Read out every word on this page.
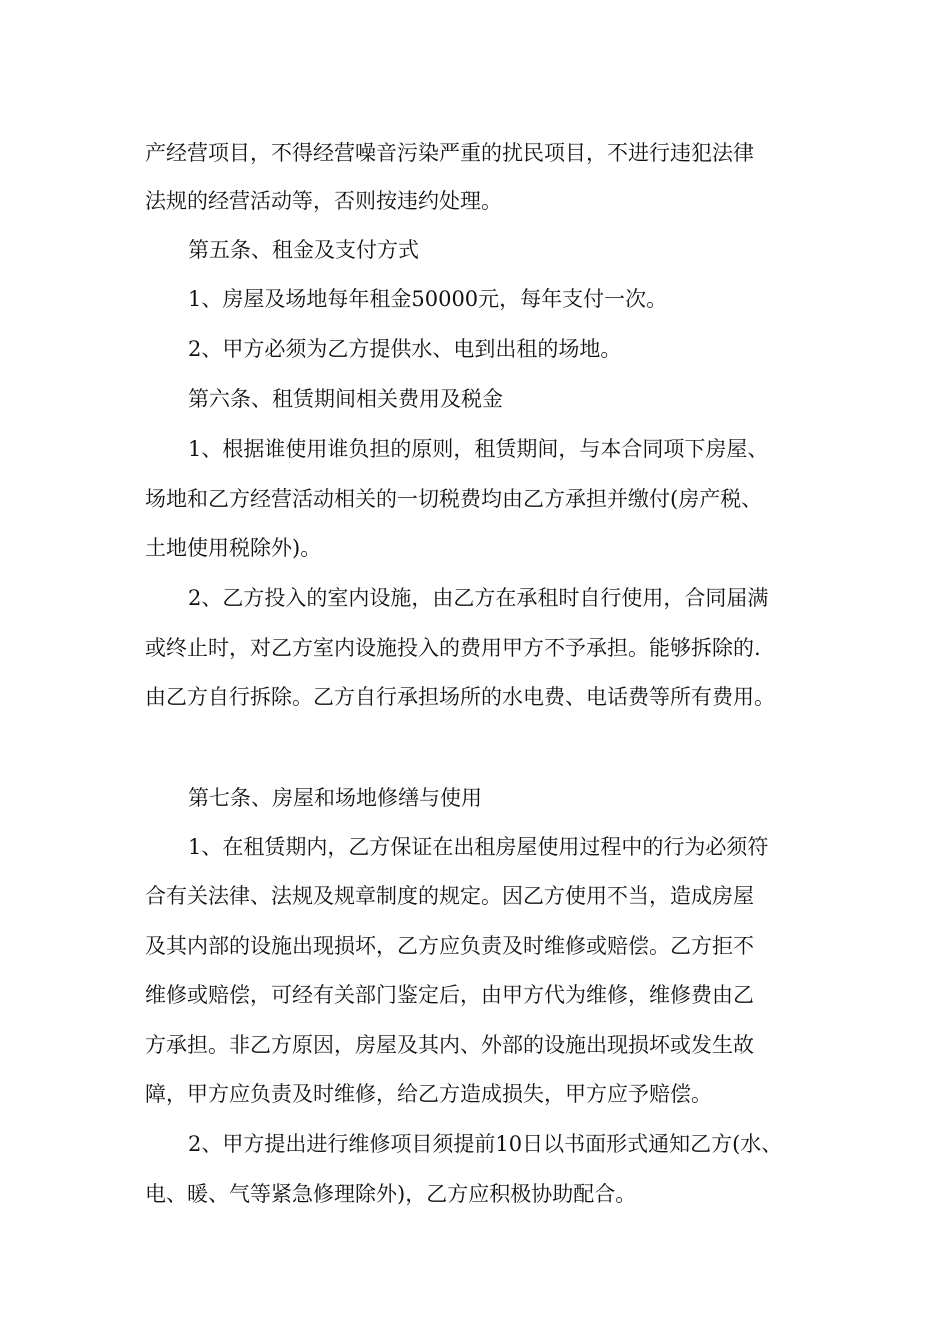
产经营项目，不得经营噪音污染严重的扰民项目，不进行违犯法律
法规的经营活动等，否则按违约处理。
第五条、租金及支付方式
1、房屋及场地每年租金50000元，每年支付一次。
2、甲方必须为乙方提供水、电到出租的场地。
第六条、租赁期间相关费用及税金
1、根据谁使用谁负担的原则，租赁期间，与本合同项下房屋、
场地和乙方经营活动相关的一切税费均由乙方承担并缴付(房产税、
土地使用税除外)。
2、乙方投入的室内设施，由乙方在承租时自行使用，合同届满
或终止时，对乙方室内设施投入的费用甲方不予承担。能够拆除的.
由乙方自行拆除。乙方自行承担场所的水电费、电话费等所有费用。
第七条、房屋和场地修缮与使用
1、在租赁期内，乙方保证在出租房屋使用过程中的行为必须符
合有关法律、法规及规章制度的规定。因乙方使用不当，造成房屋
及其内部的设施出现损坏，乙方应负责及时维修或赔偿。乙方拒不
维修或赔偿，可经有关部门鉴定后，由甲方代为维修，维修费由乙
方承担。非乙方原因，房屋及其内、外部的设施出现损坏或发生故
障，甲方应负责及时维修，给乙方造成损失，甲方应予赔偿。
2、甲方提出进行维修项目须提前10日以书面形式通知乙方(水、
电、暖、气等紧急修理除外)，乙方应积极协助配合。
